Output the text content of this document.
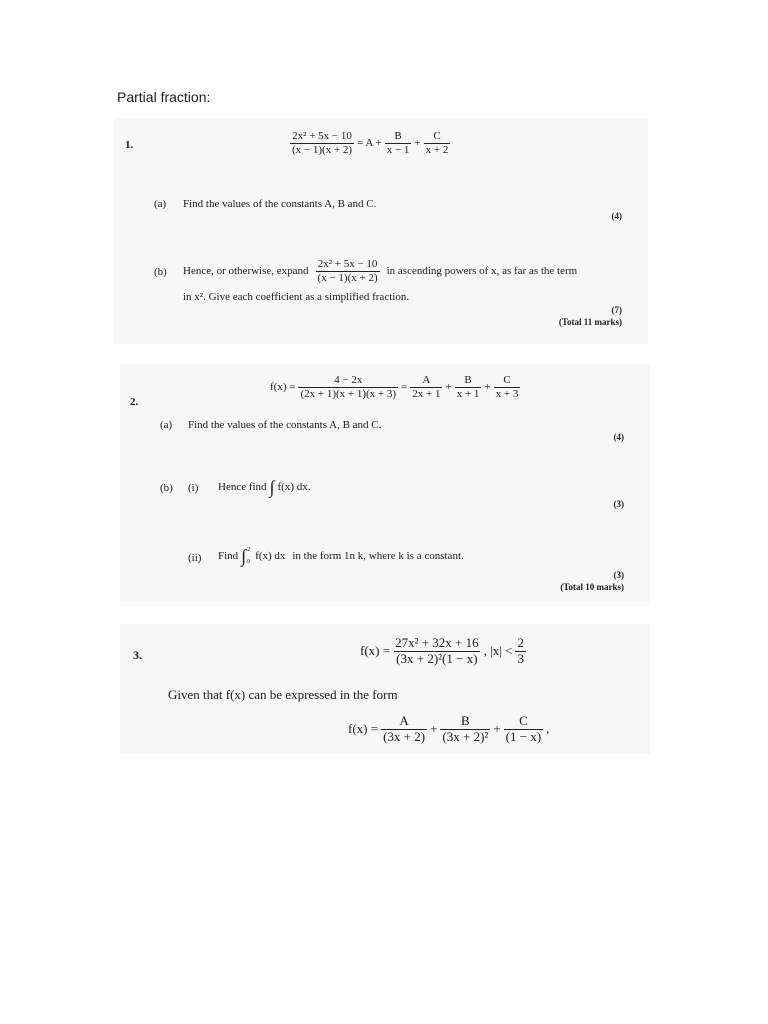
Partial fraction:
1.	$\frac{\text{2x² + 5x − 10}}{(x - 1)(x + 2)} = A + \frac{B}{x - 1} + \frac{C}{x + 2}$
(a) Find the values of the constants A, B and C.
(4)
(b) Hence, or otherwise, expand $\frac{\text{2x² + 5x − 10}}{(x - 1)(x + 2)}$ in ascending powers of x, as far as the term
in x². Give each coefficient as a simplified fraction.
(7)
(Total 11 marks)
2.
$f(x) = \frac{4 - 2x}{(2x + 1)(x + 1)(x + 3)} = \frac{A}{2x + 1} + \frac{B}{x + 1} + \frac{C}{x + 3}$
(a) Find the values of the constants A, B and C.
(4)
(b) (i) Hence find ∫ f(x) dx.
(3)
(ii) Find ∫ 2
0 f(x) dx in the form 1n k, where k is a constant.
(3)
(Total 10 marks)
3.	$f(x) = \frac{\text{27x² + 32x + 16}}{\text{(3x + 2)²(1 − x)}}$ , $|x| < \frac{2}{3}$
Given that f(x) can be expressed in the form
$f(x) = \frac{A}{(3x + 2)} + \frac{B}{\text{(3x + 2)²}} + \frac{C}{(1 - x)}$ ,
